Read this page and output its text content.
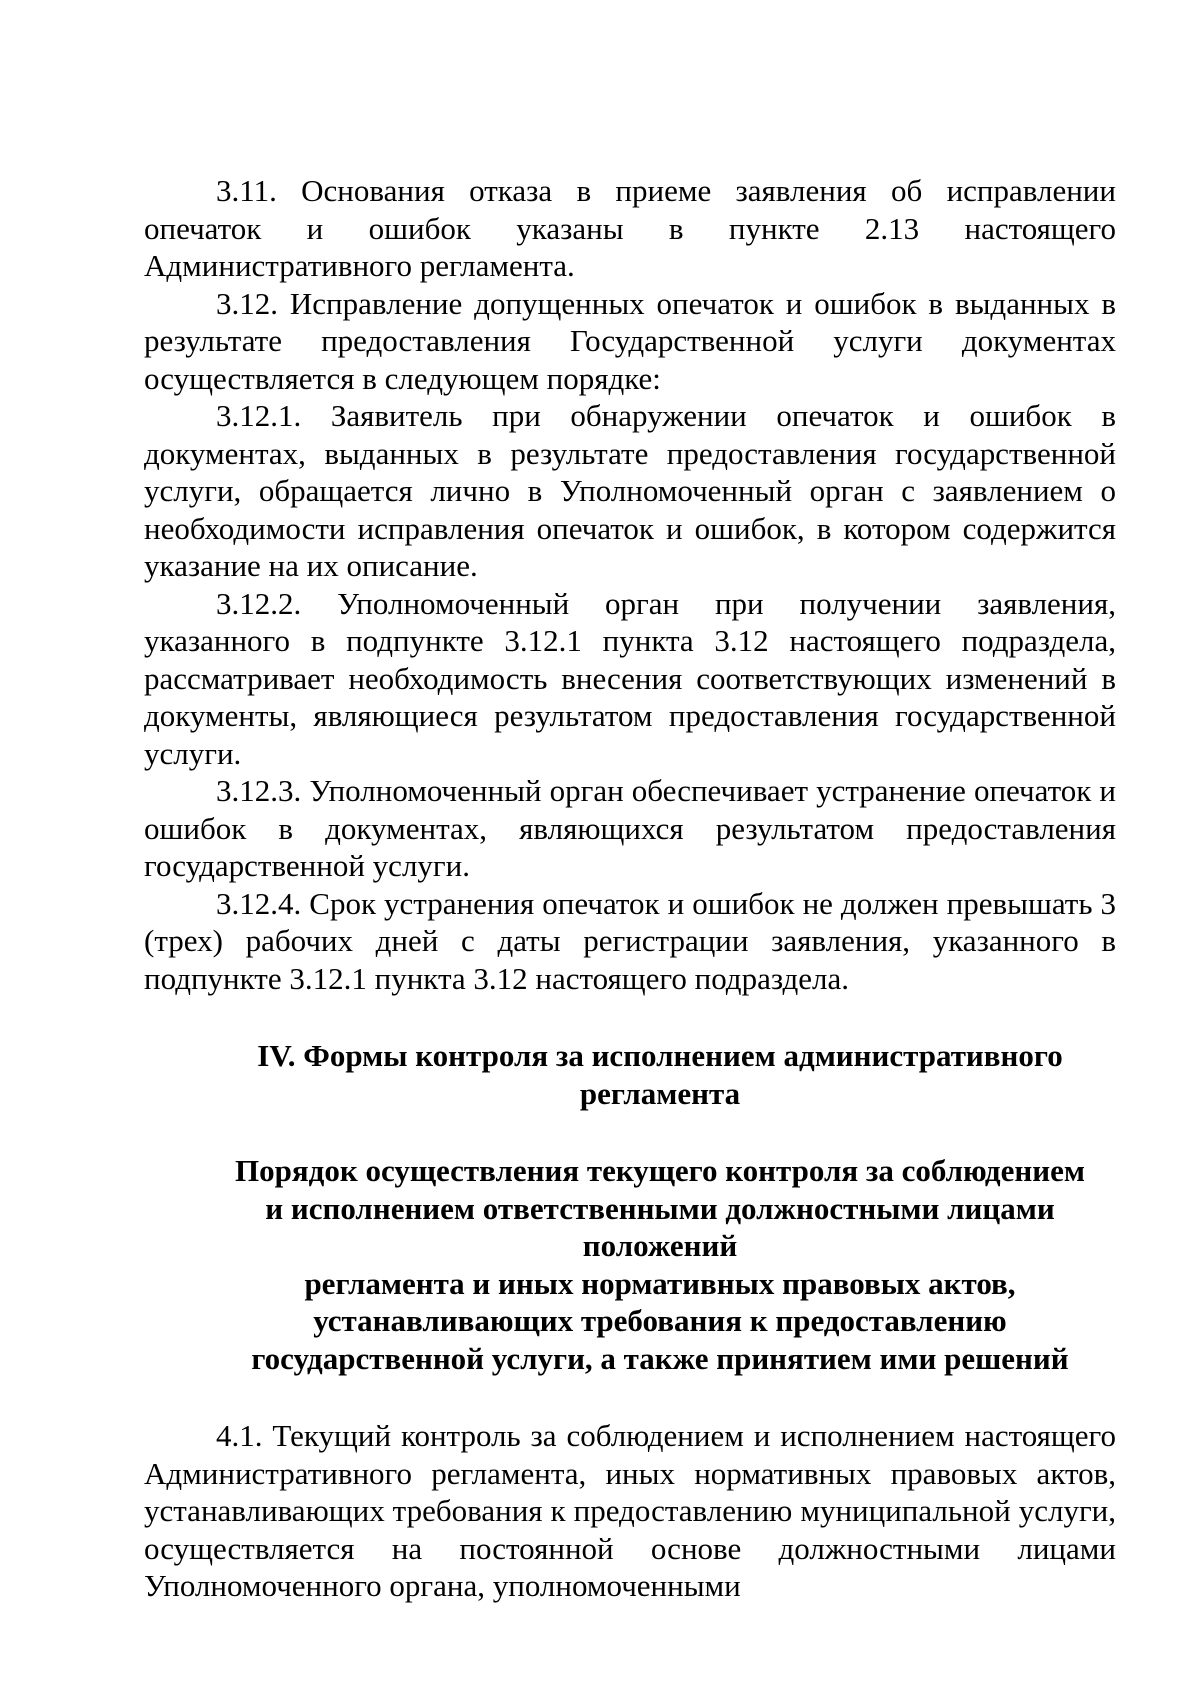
3.11. Основания отказа в приеме заявления об исправлении опечаток и ошибок указаны в пункте 2.13 настоящего Административного регламента.

3.12. Исправление допущенных опечаток и ошибок в выданных в результате предоставления Государственной услуги документах осуществляется в следующем порядке:

3.12.1. Заявитель при обнаружении опечаток и ошибок в документах, выданных в результате предоставления государственной услуги, обращается лично в Уполномоченный орган с заявлением о необходимости исправления опечаток и ошибок, в котором содержится указание на их описание.

3.12.2. Уполномоченный орган при получении заявления, указанного в подпункте 3.12.1 пункта 3.12 настоящего подраздела, рассматривает необходимость внесения соответствующих изменений в документы, являющиеся результатом предоставления государственной услуги.

3.12.3. Уполномоченный орган обеспечивает устранение опечаток и ошибок в документах, являющихся результатом предоставления государственной услуги.

3.12.4. Срок устранения опечаток и ошибок не должен превышать 3 (трех) рабочих дней с даты регистрации заявления, указанного в подпункте 3.12.1 пункта 3.12 настоящего подраздела.

IV. Формы контроля за исполнением административного
регламента
Порядок осуществления текущего контроля за соблюдением
и исполнением ответственными должностными лицами
положений
регламента и иных нормативных правовых актов,
устанавливающих требования к предоставлению
государственной услуги, а также принятием ими решений

4.1. Текущий контроль за соблюдением и исполнением настоящего Административного регламента, иных нормативных правовых актов, устанавливающих требования к предоставлению муниципальной услуги, осуществляется на постоянной основе должностными лицами Уполномоченного органа, уполномоченными
